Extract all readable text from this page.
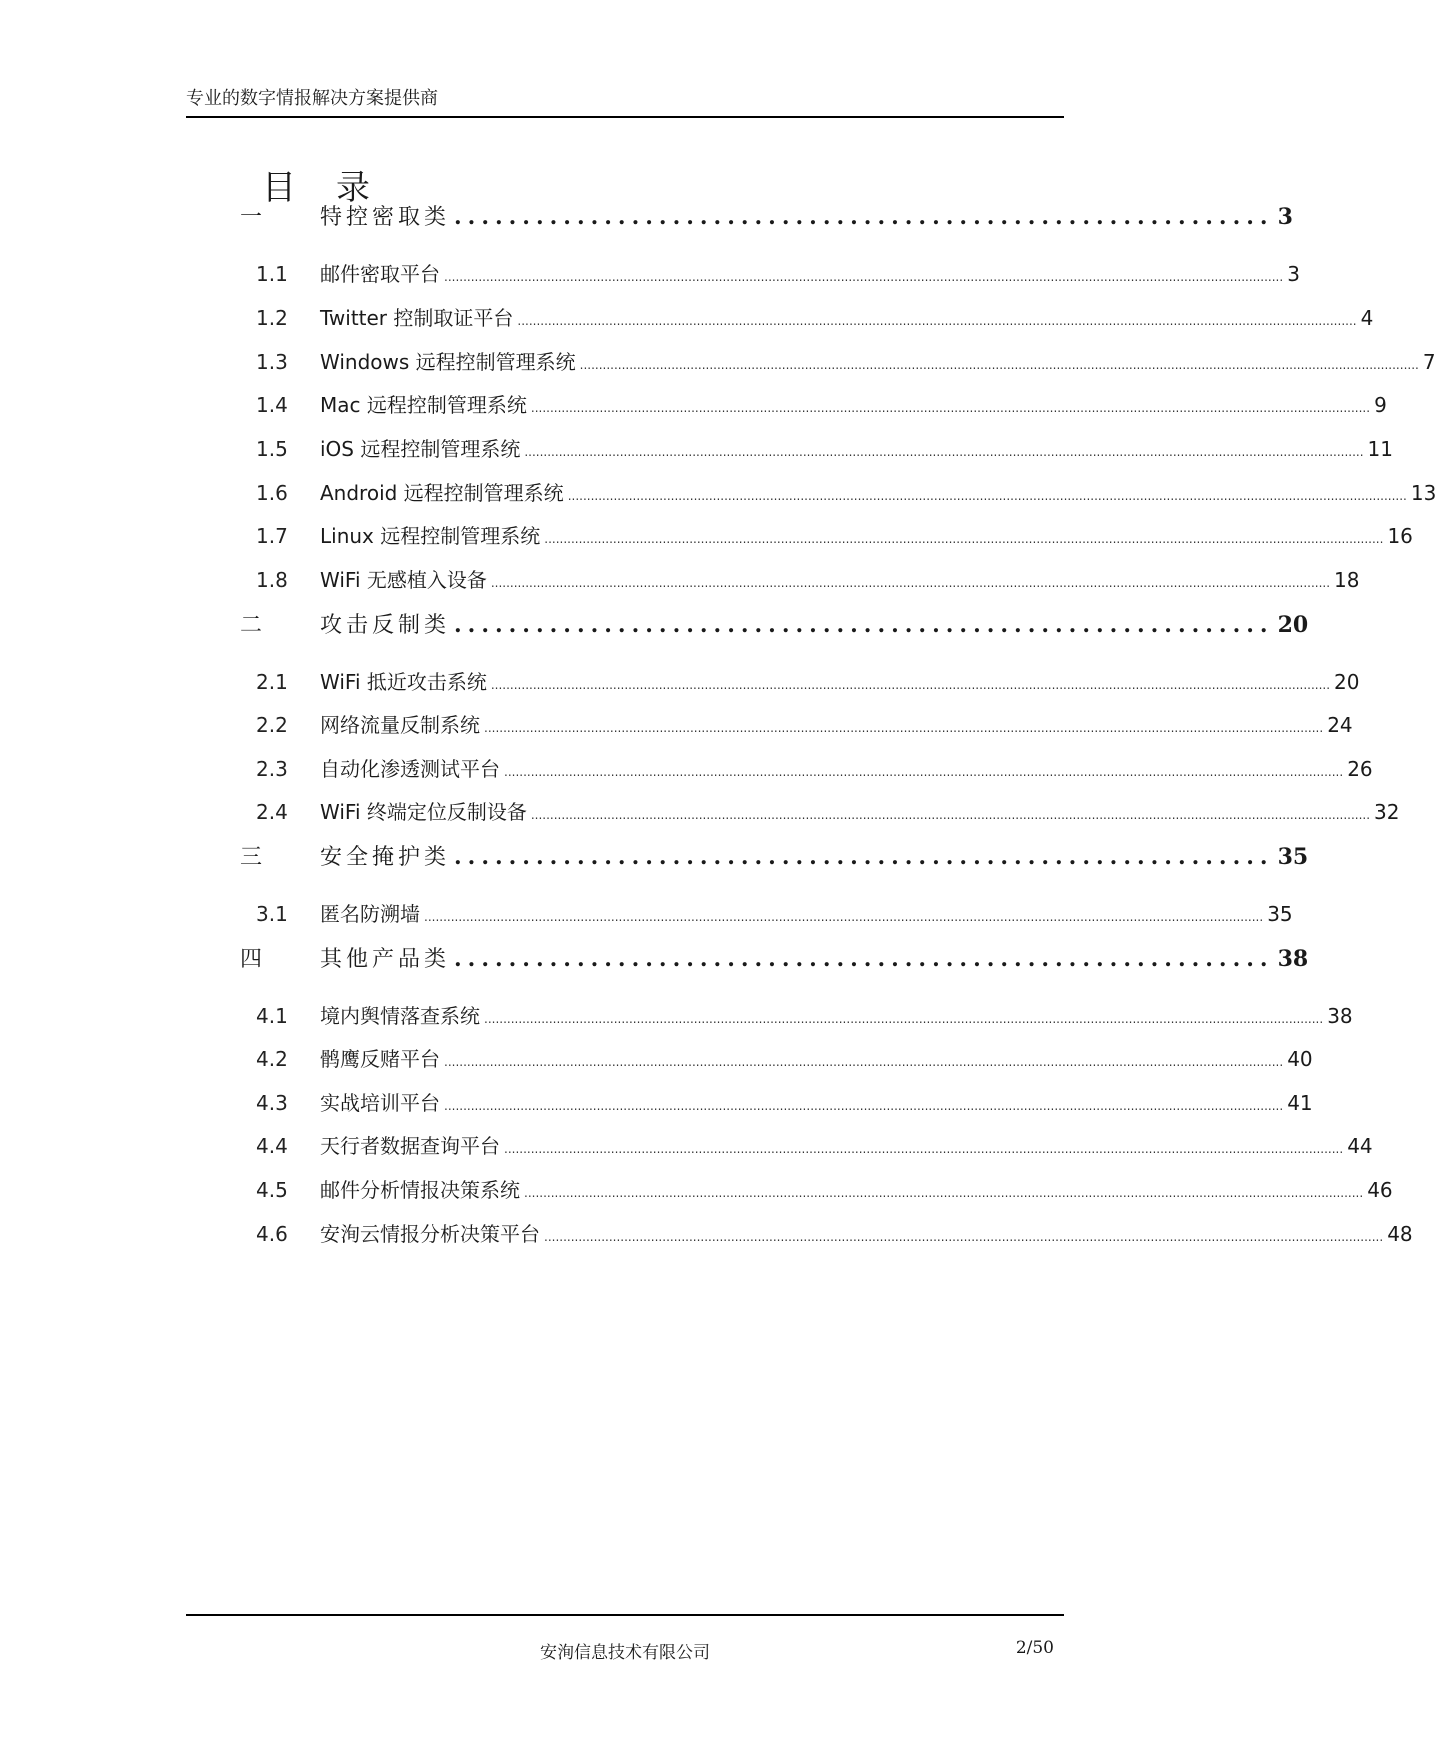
专业的数字情报解决方案提供商
目录
一	特控密取类 ............................................................ 3
1.1	邮件密取平台 ............................................................................................................................................................................................................................ 3
1.2	Twitter 控制取证平台 ............................................................................................................................................................................................................................ 4
1.3	Windows 远程控制管理系统 ............................................................................................................................................................................................................................ 7
1.4	Mac 远程控制管理系统 ............................................................................................................................................................................................................................ 9
1.5	iOS 远程控制管理系统 ............................................................................................................................................................................................................................ 11
1.6	Android 远程控制管理系统 ............................................................................................................................................................................................................................ 13
1.7	Linux 远程控制管理系统 ............................................................................................................................................................................................................................ 16
1.8	WiFi 无感植入设备 ............................................................................................................................................................................................................................ 18
二	攻击反制类 ............................................................ 20
2.1	WiFi 抵近攻击系统 ............................................................................................................................................................................................................................ 20
2.2	网络流量反制系统 ............................................................................................................................................................................................................................ 24
2.3	自动化渗透测试平台 ............................................................................................................................................................................................................................ 26
2.4	WiFi 终端定位反制设备 ............................................................................................................................................................................................................................ 32
三	安全掩护类 ............................................................ 35
3.1	匿名防溯墙 ............................................................................................................................................................................................................................ 35
四	其他产品类 ............................................................ 38
4.1	境内舆情落查系统 ............................................................................................................................................................................................................................ 38
4.2	鹘鹰反赌平台 ............................................................................................................................................................................................................................ 40
4.3	实战培训平台 ............................................................................................................................................................................................................................ 41
4.4	天行者数据查询平台 ............................................................................................................................................................................................................................ 44
4.5	邮件分析情报决策系统 ............................................................................................................................................................................................................................ 46
4.6	安洵云情报分析决策平台 ............................................................................................................................................................................................................................ 48
安洵信息技术有限公司	2/50
